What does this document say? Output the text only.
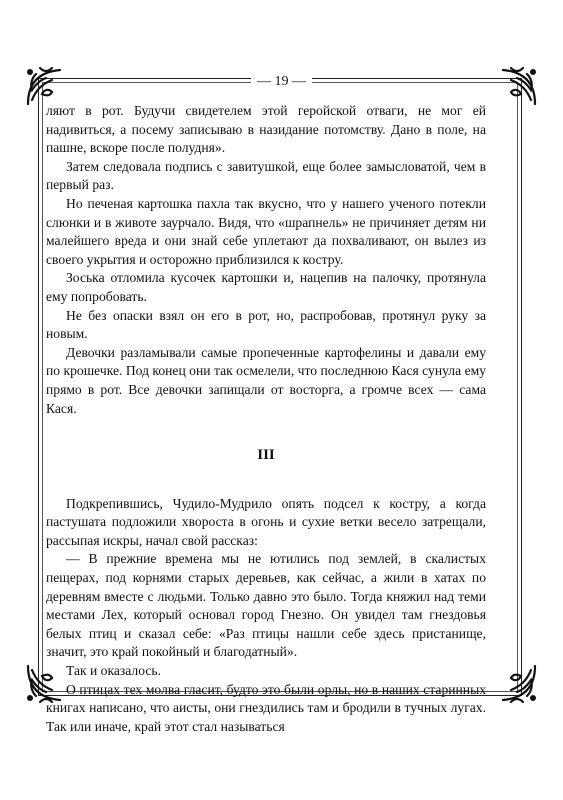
— 19 —

ляют в рот. Будучи свидетелем этой геройской отваги, не мог ей надивиться, а посему записываю в назидание потомству. Дано в поле, на пашне, вскоре после полудня».

Затем следовала подпись с завитушкой, еще более замысловатой, чем в первый раз.

Но печеная картошка пахла так вкусно, что у нашего ученого потекли слюнки и в животе заурчало. Видя, что «шрапнель» не причиняет детям ни малейшего вреда и они знай себе уплетают да похваливают, он вылез из своего укрытия и осторожно приблизился к костру.

Зоська отломила кусочек картошки и, нацепив на палочку, протянула ему попробовать.

Не без опаски взял он его в рот, но, распробовав, протянул руку за новым.

Девочки разламывали самые пропеченные картофелины и давали ему по крошечке. Под конец они так осмелели, что последнюю Кася сунула ему прямо в рот. Все девочки запищали от восторга, а громче всех — сама Кася.

III

Подкрепившись, Чудило-Мудрило опять подсел к костру, а когда пастушата подложили хвороста в огонь и сухие ветки весело затрещали, рассыпая искры, начал свой рассказ:

— В прежние времена мы не ютились под землей, в скалистых пещерах, под корнями старых деревьев, как сейчас, а жили в хатах по деревням вместе с людьми. Только давно это было. Тогда княжил над теми местами Лех, который основал город Гнезно. Он увидел там гнездовья белых птиц и сказал себе: «Раз птицы нашли себе здесь пристанище, значит, это край покойный и благодатный».

Так и оказалось.

О птицах тех молва гласит, будто это были орлы, но в наших старинных книгах написано, что аисты, они гнездились там и бродили в тучных лугах. Так или иначе, край этот стал называться
